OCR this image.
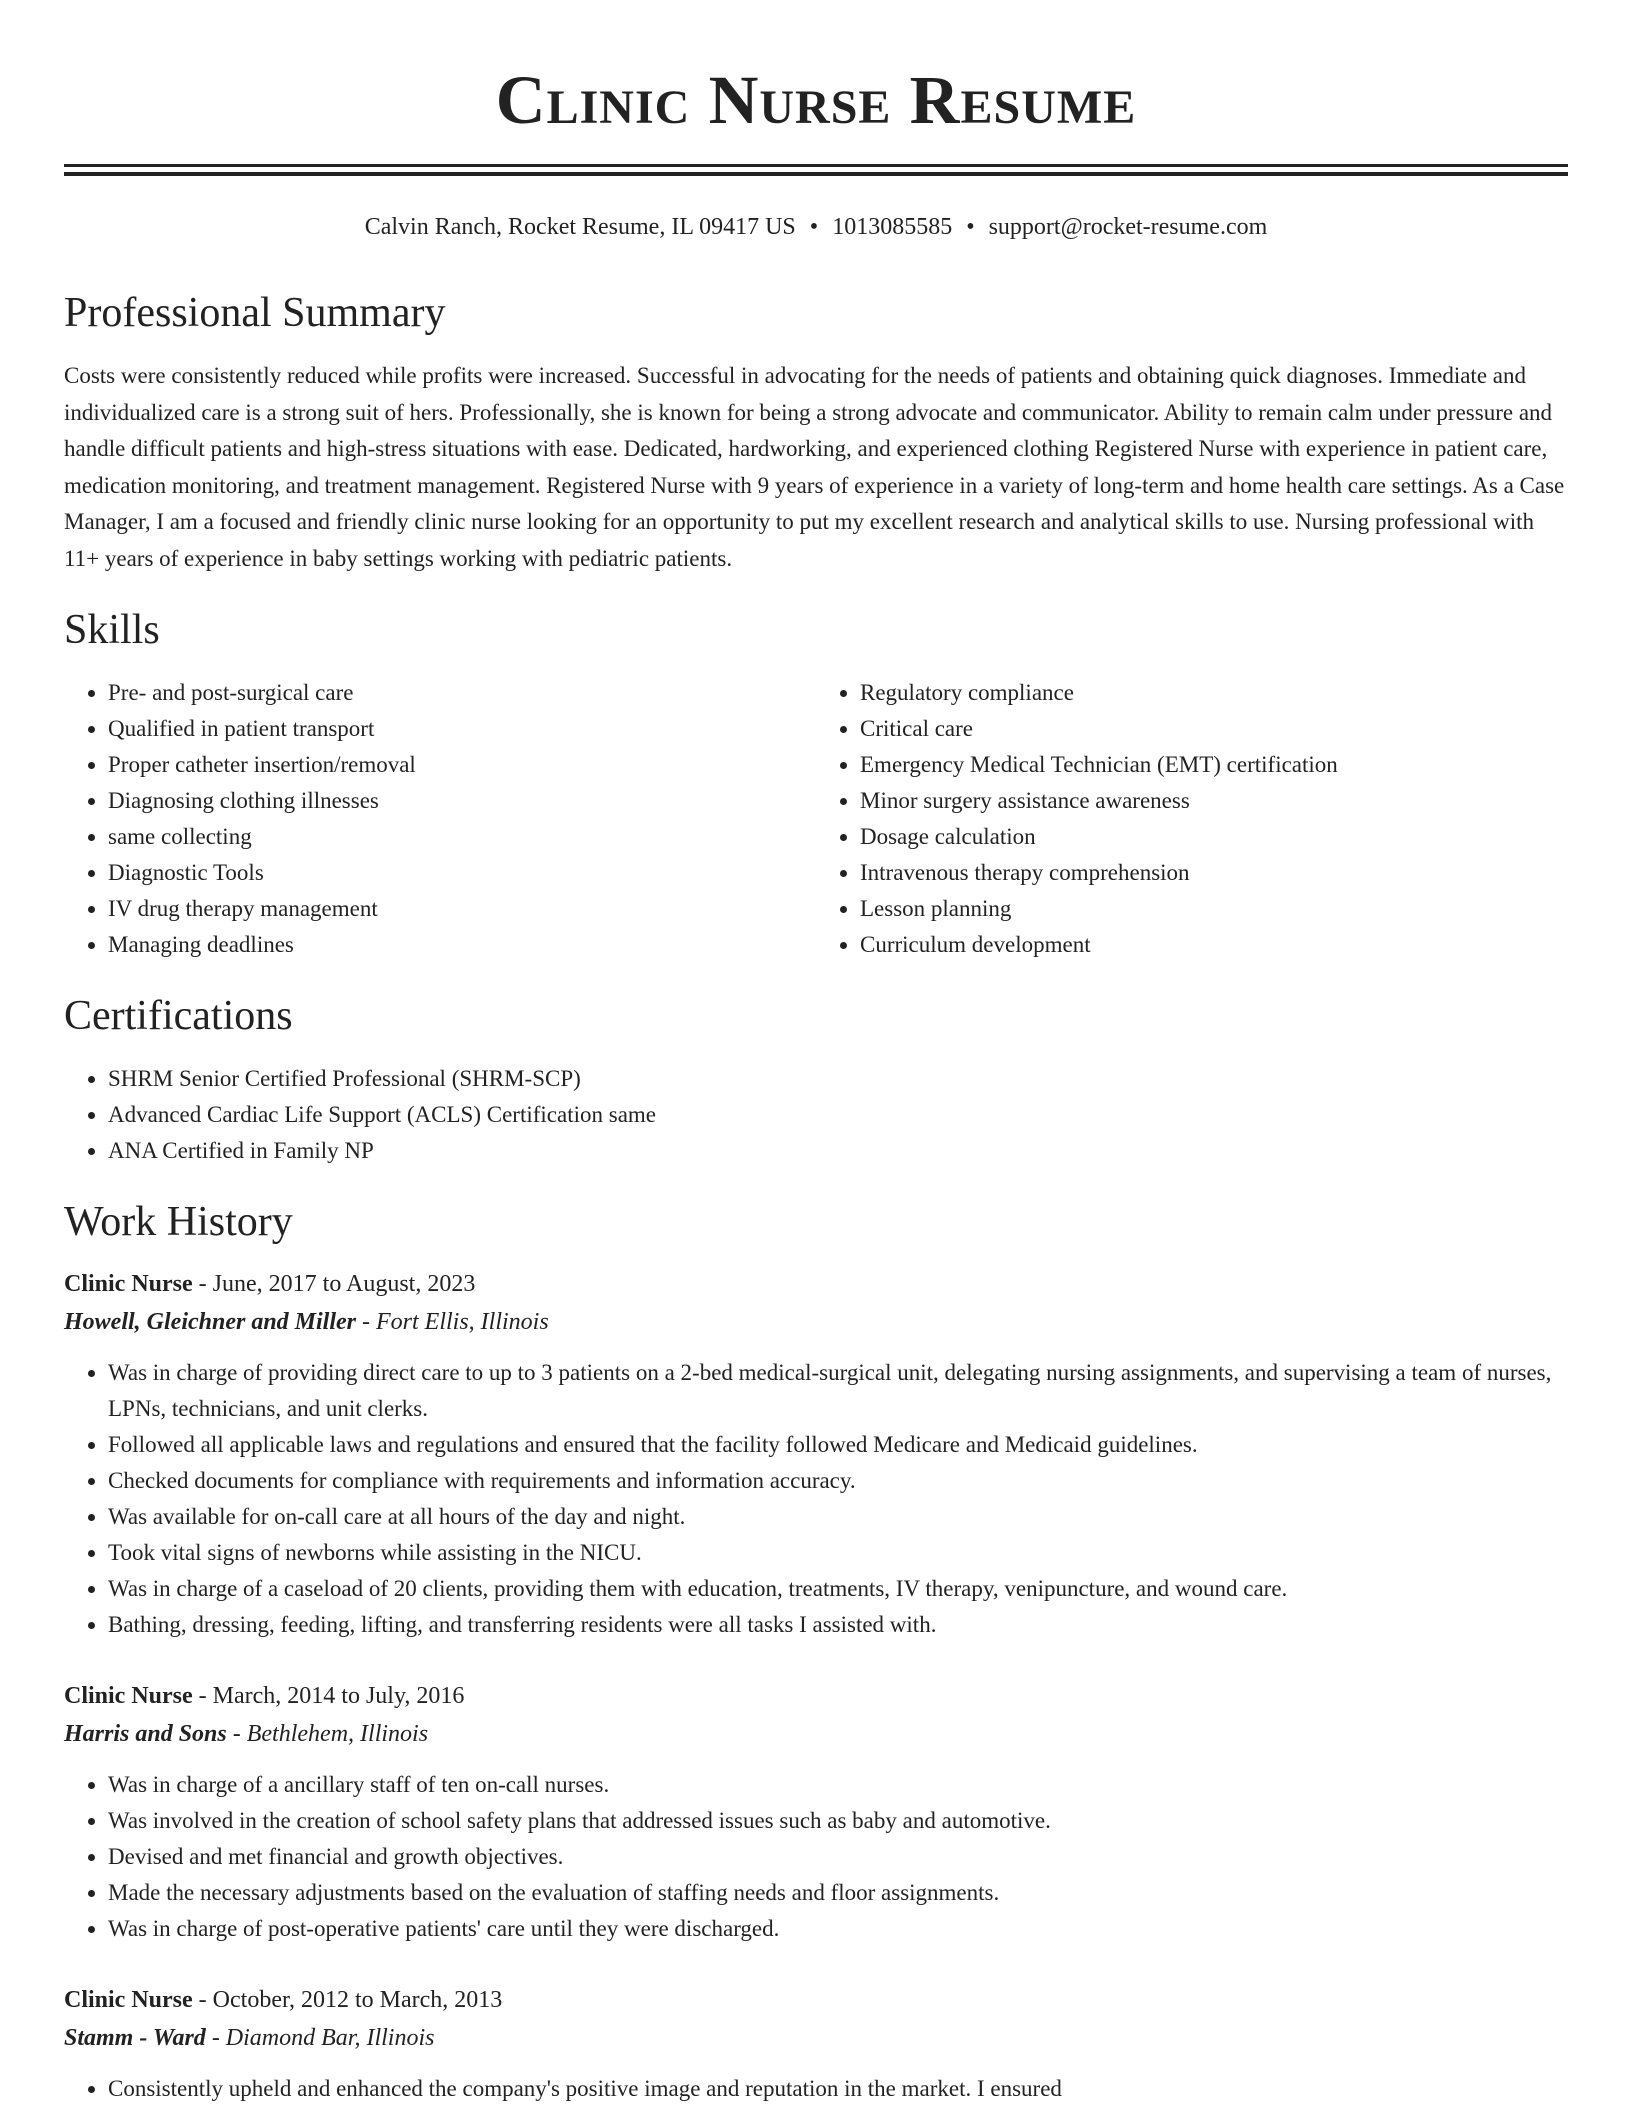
Clinic Nurse Resume
Calvin Ranch, Rocket Resume, IL 09417 US • 1013085585 • support@rocket-resume.com
Professional Summary

Costs were consistently reduced while profits were increased. Successful in advocating for the needs of patients and obtaining quick diagnoses. Immediate and individualized care is a strong suit of hers. Professionally, she is known for being a strong advocate and communicator. Ability to remain calm under pressure and handle difficult patients and high-stress situations with ease. Dedicated, hardworking, and experienced clothing Registered Nurse with experience in patient care, medication monitoring, and treatment management. Registered Nurse with 9 years of experience in a variety of long-term and home health care settings. As a Case Manager, I am a focused and friendly clinic nurse looking for an opportunity to put my excellent research and analytical skills to use. Nursing professional with 11+ years of experience in baby settings working with pediatric patients.

Skills
• Pre- and post-surgical care
• Qualified in patient transport
• Proper catheter insertion/removal
• Diagnosing clothing illnesses
• same collecting
• Diagnostic Tools
• IV drug therapy management
• Managing deadlines
• Regulatory compliance
• Critical care
• Emergency Medical Technician (EMT) certification
• Minor surgery assistance awareness
• Dosage calculation
• Intravenous therapy comprehension
• Lesson planning
• Curriculum development
Certifications
• SHRM Senior Certified Professional (SHRM-SCP)
• Advanced Cardiac Life Support (ACLS) Certification same
• ANA Certified in Family NP
Work History
Clinic Nurse - June, 2017 to August, 2023
Howell, Gleichner and Miller - Fort Ellis, Illinois
• Was in charge of providing direct care to up to 3 patients on a 2-bed medical-surgical unit, delegating nursing assignments, and supervising a team of nurses, LPNs, technicians, and unit clerks.
• Followed all applicable laws and regulations and ensured that the facility followed Medicare and Medicaid guidelines.
• Checked documents for compliance with requirements and information accuracy.
• Was available for on-call care at all hours of the day and night.
• Took vital signs of newborns while assisting in the NICU.
• Was in charge of a caseload of 20 clients, providing them with education, treatments, IV therapy, venipuncture, and wound care.
• Bathing, dressing, feeding, lifting, and transferring residents were all tasks I assisted with.
Clinic Nurse - March, 2014 to July, 2016
Harris and Sons - Bethlehem, Illinois
• Was in charge of a ancillary staff of ten on-call nurses.
• Was involved in the creation of school safety plans that addressed issues such as baby and automotive.
• Devised and met financial and growth objectives.
• Made the necessary adjustments based on the evaluation of staffing needs and floor assignments.
• Was in charge of post-operative patients' care until they were discharged.
Clinic Nurse - October, 2012 to March, 2013
Stamm - Ward - Diamond Bar, Illinois
• Consistently upheld and enhanced the company's positive image and reputation in the market. I ensured
